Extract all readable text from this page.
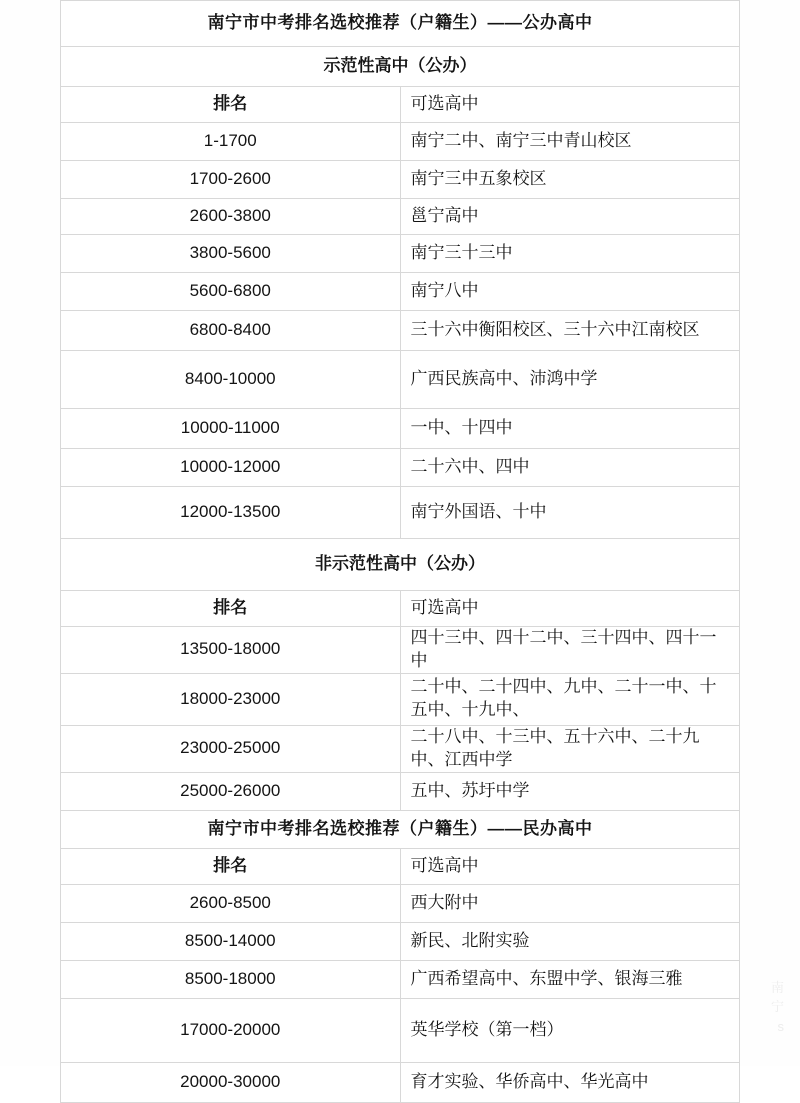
南宁市中考排名选校推荐（户籍生）——公办高中	
示范性高中（公办）	
排名	可选高中
1-1700	南宁二中、南宁三中青山校区
1700-2600	南宁三中五象校区
2600-3800	邕宁高中
3800-5600	南宁三十三中
5600-6800	南宁八中
6800-8400	三十六中衡阳校区、三十六中江南校区
8400-10000	广西民族高中、沛鸿中学
10000-11000	一中、十四中
10000-12000	二十六中、四中
12000-13500	南宁外国语、十中
非示范性高中（公办）	
排名	可选高中
13500-18000	四十三中、四十二中、三十四中、四十一中
18000-23000	二十中、二十四中、九中、二十一中、十五中、十九中、
23000-25000	二十八中、十三中、五十六中、二十九中、江西中学
25000-26000	五中、苏圩中学
南宁市中考排名选校推荐（户籍生）——民办高中	
排名	可选高中
2600-8500	西大附中
8500-14000	新民、北附实验
8500-18000	广西希望高中、东盟中学、银海三雅
17000-20000	英华学校（第一档）
20000-30000	育才实验、华侨高中、华光高中
南
宁
s
